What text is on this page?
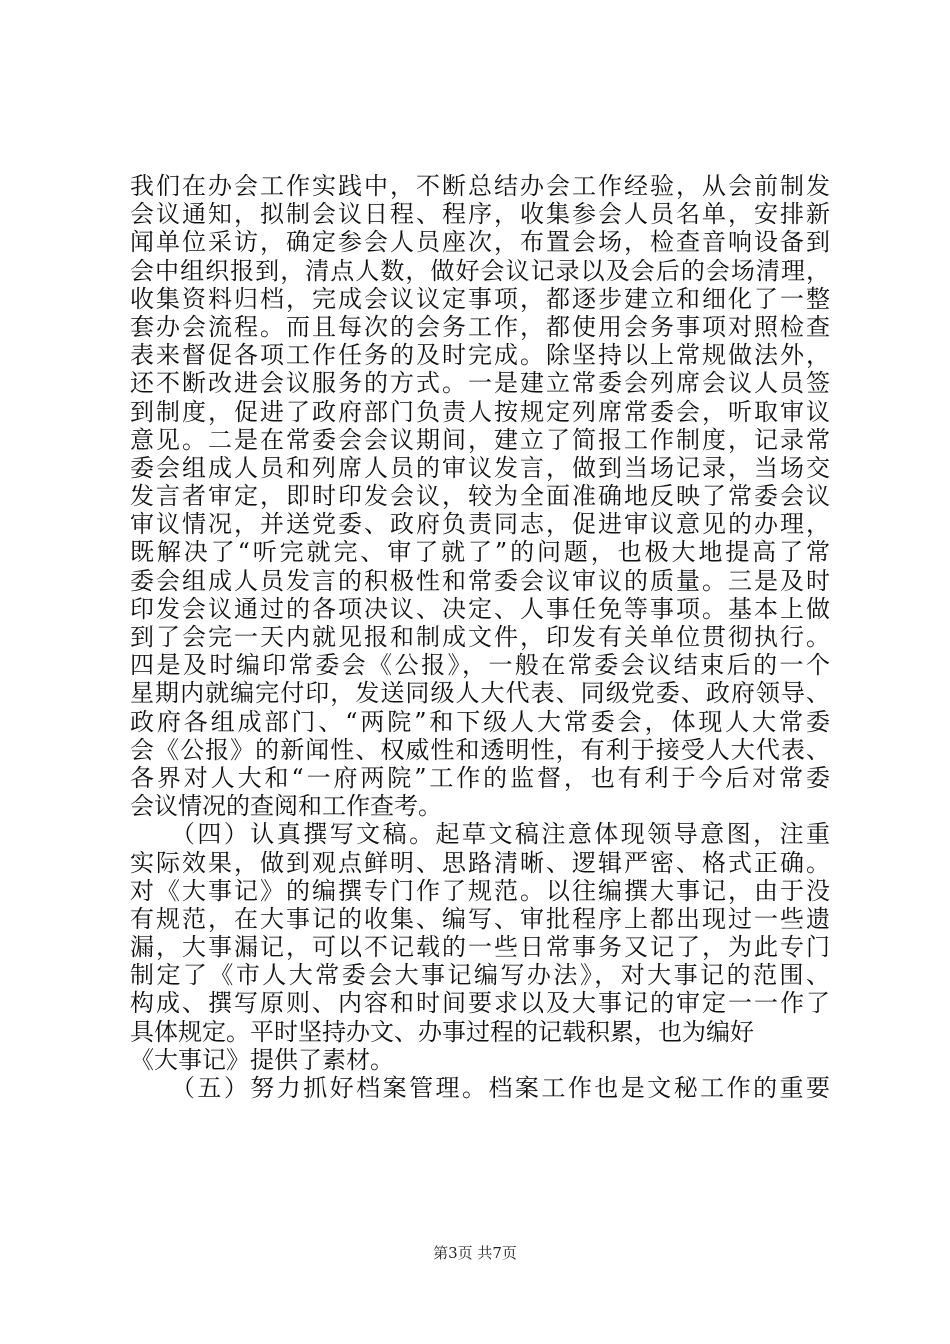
我们在办会工作实践中，不断总结办会工作经验，从会前制发
会议通知，拟制会议日程、程序，收集参会人员名单，安排新
闻单位采访，确定参会人员座次，布置会场，检查音响设备到
会中组织报到，清点人数，做好会议记录以及会后的会场清理，
收集资料归档，完成会议议定事项，都逐步建立和细化了一整
套办会流程。而且每次的会务工作，都使用会务事项对照检查
表来督促各项工作任务的及时完成。除坚持以上常规做法外，
还不断改进会议服务的方式。一是建立常委会列席会议人员签
到制度，促进了政府部门负责人按规定列席常委会，听取审议
意见。二是在常委会会议期间，建立了简报工作制度，记录常
委会组成人员和列席人员的审议发言，做到当场记录，当场交
发言者审定，即时印发会议，较为全面准确地反映了常委会议
审议情况，并送党委、政府负责同志，促进审议意见的办理，
既解决了“听完就完、审了就了”的问题，也极大地提高了常
委会组成人员发言的积极性和常委会议审议的质量。三是及时
印发会议通过的各项决议、决定、人事任免等事项。基本上做
到了会完一天内就见报和制成文件，印发有关单位贯彻执行。
四是及时编印常委会《公报》，一般在常委会议结束后的一个
星期内就编完付印，发送同级人大代表、同级党委、政府领导、
政府各组成部门、“两院”和下级人大常委会，体现人大常委
会《公报》的新闻性、权威性和透明性，有利于接受人大代表、
各界对人大和“一府两院”工作的监督，也有利于今后对常委
会议情况的查阅和工作查考。
　　（四）认真撰写文稿。起草文稿注意体现领导意图，注重
实际效果，做到观点鲜明、思路清晰、逻辑严密、格式正确。
对《大事记》的编撰专门作了规范。以往编撰大事记，由于没
有规范，在大事记的收集、编写、审批程序上都出现过一些遗
漏，大事漏记，可以不记载的一些日常事务又记了，为此专门
制定了《市人大常委会大事记编写办法》，对大事记的范围、
构成、撰写原则、内容和时间要求以及大事记的审定一一作了
具体规定。平时坚持办文、办事过程的记载积累，也为编好
《大事记》提供了素材。
　　（五）努力抓好档案管理。档案工作也是文秘工作的重要
第3页 共7页
